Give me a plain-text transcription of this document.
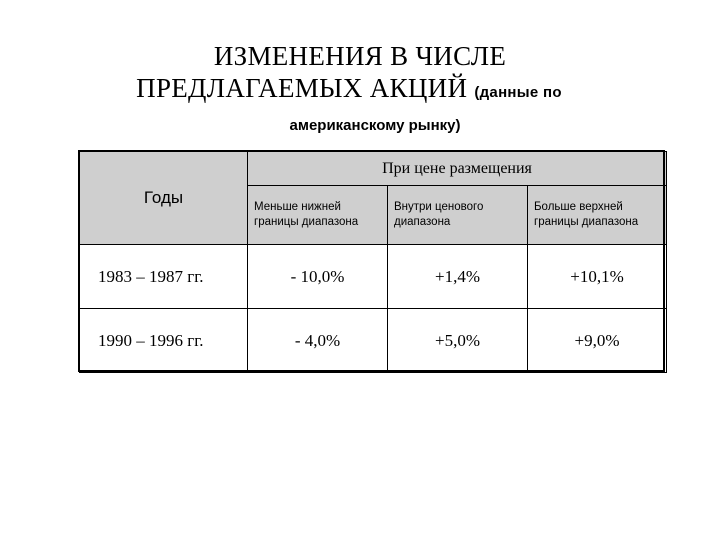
ИЗМЕНЕНИЯ В ЧИСЛЕ
ПРЕДЛАГАЕМЫХ АКЦИЙ (данные по
американскому рынку)
Годы	При цене размещения		
	Меньше нижней границы диапазона	Внутри ценового диапазона	Больше верхней границы диапазона
1983 – 1987 гг.	- 10,0%	+1,4%	+10,1%
1990 – 1996 гг.	- 4,0%	+5,0%	+9,0%
